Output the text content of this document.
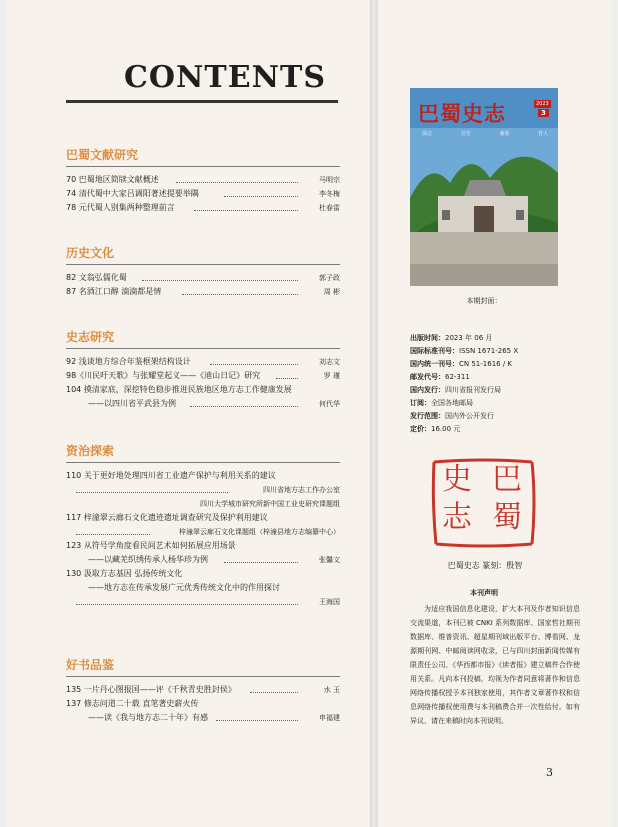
CONTENTS
巴蜀文献研究
70 巴蜀地区简牍文献概述	马明宗
74 清代蜀中大家吕调阳著述提要举隅	李冬梅
78 元代蜀人别集两种整理前言	杜春雷
历史文化
82 文翁弘儒化蜀	郭子政
87 名酒江口醇 滴滴都是情	周 彬
史志研究
92 浅谈地方综合年鉴框架结构设计	刘志文
98《川民吁天歌》与张耀堂起义——《迪山日记》研究	罗 瑾
104 摸清家底，深挖特色稳步推进民族地区地方志工作健康发展
——以四川省平武县为例	何代华
资治探索
110 关于更好地处理四川省工业遗产保护与利用关系的建议
四川省地方志工作办公室
四川大学城市研究所新中国工业史研究课题组
117 梓潼翠云廊石文化遗迹遗址调查研究及保护利用建议
梓潼翠云廊石文化课题组（梓潼县地方志编纂中心）
123 从符号学角度看民间艺术如何拓展应用场景
——以藏羌织绣传承人杨华珍为例	张馨文
130 汲取方志基因 弘扬传统文化
——地方志在传承发展广元优秀传统文化中的作用探讨
王海国
好书品鉴
135 一片丹心图报国——评《千秋青史胜封侯》	水 玉
137 修志问道二十载 直笔著史薪火传
——读《我与地方志二十年》有感	申福建
巴蜀史志	2023
3
探志	宣史	兼鉴	育人
本期封面：
出版时间：2023 年 06 月
国际标准刊号：ISSN 1671-265 X
国内统一刊号：CN 51-1616 / K
邮发代号：62-311
国内发行：四川省报刊发行局
订阅：全国各地邮局
发行范围：国内外公开发行
定价：16.00 元
巴
蜀
史
志
巴蜀史志 篆刻：殷智
本刊声明
为适应我国信息化建设，扩大本刊及作者知识信息交流渠道，本刊已被 CNKI 系列数据库、国家哲社期刊数据库、维普资讯、超星期刊域出版平台、博看网、龙源期刊网、中邮阅读网收录，已与四川封面新闻传媒有限责任公司、《华西都市报》《读者报》建立稿件合作使用关系。凡向本刊投稿，均视为作者同意将著作和信息网络传播权授予本刊独家使用，其作者文章著作权和信息网络传播权使用费与本刊稿费合并一次性给付。如有异议，请在来稿时向本刊说明。
3
